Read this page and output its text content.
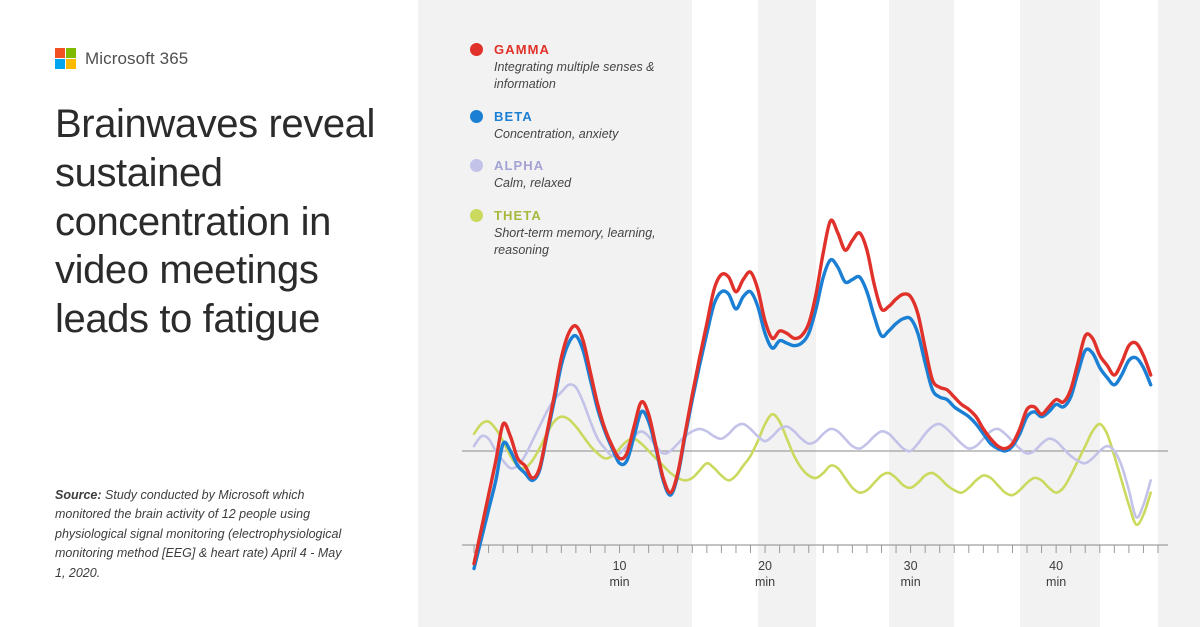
Microsoft 365
Brainwaves reveal sustained concentration in video meetings leads to fatigue

Source: Study conducted by Microsoft which monitored the brain activity of 12 people using physiological signal monitoring (electrophysiological monitoring method [EEG] & heart rate) April 4 - May 1, 2020.

GAMMA
Integrating multiple senses & information
BETA
Concentration, anxiety
ALPHA
Calm, relaxed
THETA
Short-term memory, learning, reasoning
10
min
20
min
30
min
40
min
